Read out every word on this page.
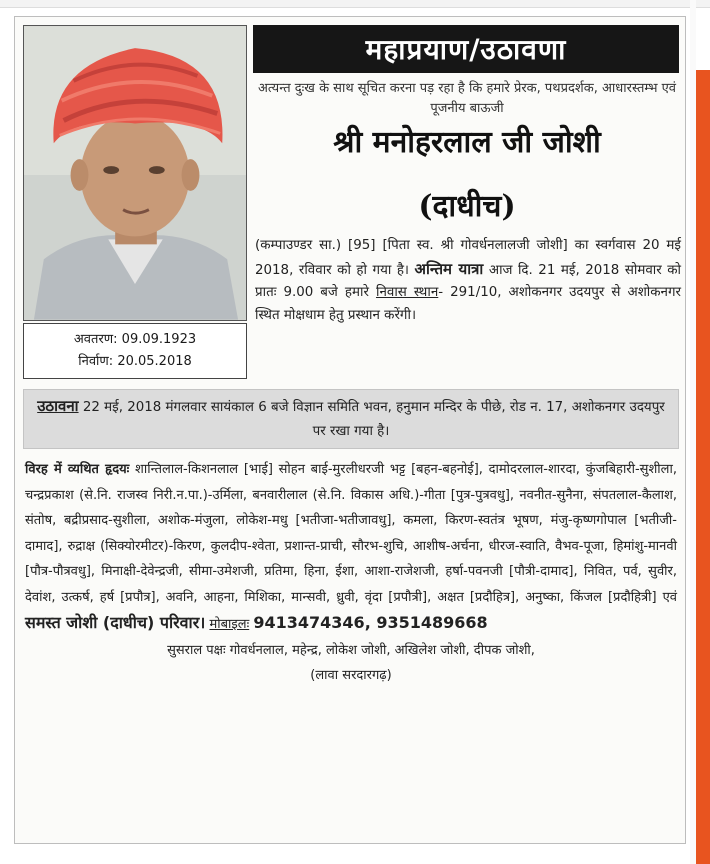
अवतरण: 09.09.1923
निर्वाण: 20.05.2018
महाप्रयाण/उठावणा
अत्यन्त दुःख के साथ सूचित करना पड़ रहा है कि हमारे प्रेरक, पथप्रदर्शक, आधारस्तम्भ एवं पूजनीय बाऊजी
श्री मनोहरलाल जी जोशी
(दाधीच)
(कम्पाउण्डर सा.) [95] [पिता स्व. श्री गोवर्धनलालजी जोशी] का स्वर्गवास 20 मई 2018, रविवार को हो गया है। अन्तिम यात्रा आज दि. 21 मई, 2018 सोमवार को प्रातः 9.00 बजे हमारे निवास स्थान- 291/10, अशोकनगर उदयपुर से अशोकनगर स्थित मोक्षधाम हेतु प्रस्थान करेंगी।
उठावना 22 मई, 2018 मंगलवार सायंकाल 6 बजे विज्ञान समिति भवन, हनुमान मन्दिर के पीछे, रोड न. 17, अशोकनगर उदयपुर पर रखा गया है।
विरह में व्यथित हृदयः शान्तिलाल-किशनलाल [भाई] सोहन बाई-मुरलीधरजी भट्ट [बहन-बहनोई], दामोदरलाल-शारदा, कुंजबिहारी-सुशीला, चन्द्रप्रकाश (से.नि. राजस्व निरी.न.पा.)-उर्मिला, बनवारीलाल (से.नि. विकास अधि.)-गीता [पुत्र-पुत्रवधु], नवनीत-सुनैना, संपतलाल-कैलाश, संतोष, बद्रीप्रसाद-सुशीला, अशोक-मंजुला, लोकेश-मधु [भतीजा-भतीजावधु], कमला, किरण-स्वतंत्र भूषण, मंजु-कृष्णगोपाल [भतीजी-दामाद], रुद्राक्ष (सिक्योरमीटर)-किरण, कुलदीप-श्वेता, प्रशान्त-प्राची, सौरभ-शुचि, आशीष-अर्चना, धीरज-स्वाति, वैभव-पूजा, हिमांशु-मानवी [पौत्र-पौत्रवधु], मिनाक्षी-देवेन्द्रजी, सीमा-उमेशजी, प्रतिमा, हिना, ईशा, आशा-राजेशजी, हर्षा-पवनजी [पौत्री-दामाद], निवित, पर्व, सुवीर, देवांश, उत्कर्ष, हर्ष [प्रपौत्र], अवनि, आहना, मिशिका, मान्सवी, ध्रुवी, वृंदा [प्रपौत्री], अक्षत [प्रदौहित्र], अनुष्का, किंजल [प्रदौहित्री] एवं समस्त जोशी (दाधीच) परिवार। मोबाइलः 9413474346, 9351489668
सुसराल पक्षः गोवर्धनलाल, महेन्द्र, लोकेश जोशी, अखिलेश जोशी, दीपक जोशी,
(लावा सरदारगढ़)
